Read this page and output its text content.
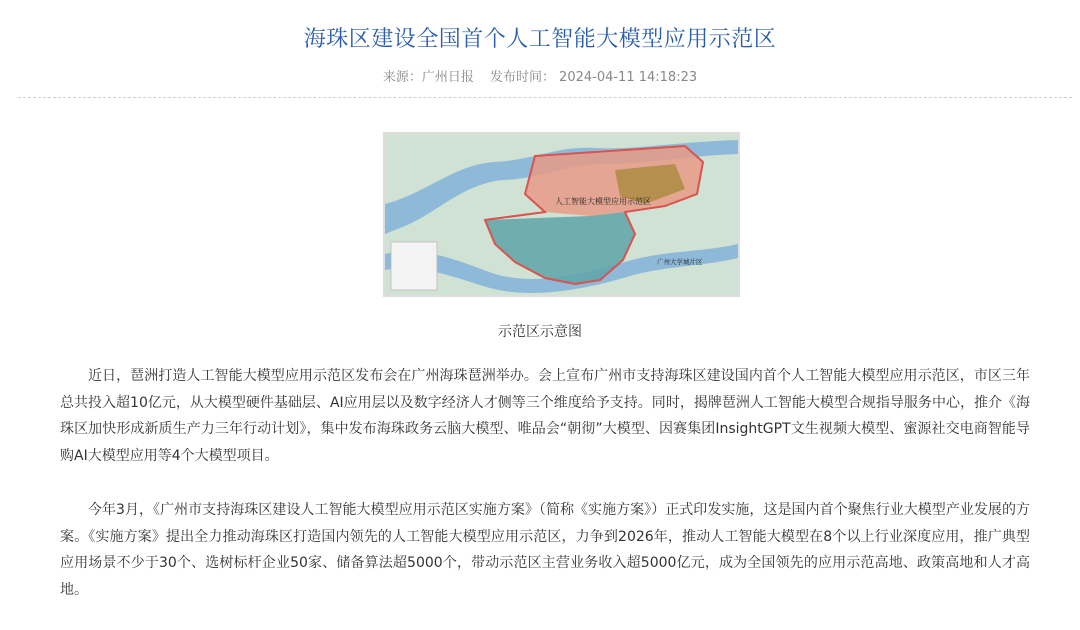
海珠区建设全国首个人工智能大模型应用示范区
来源：广州日报 发布时间： 2024-04-11 14:18:23
人工智能大模型应用示范区
广州大学城片区
示范区示意图

近日，琶洲打造人工智能大模型应用示范区发布会在广州海珠琶洲举办。会上宣布广州市支持海珠区建设国内首个人工智能大模型应用示范区，市区三年总共投入超10亿元，从大模型硬件基础层、AI应用层以及数字经济人才侧等三个维度给予支持。同时，揭牌琶洲人工智能大模型合规指导服务中心，推介《海珠区加快形成新质生产力三年行动计划》，集中发布海珠政务云脑大模型、唯品会“朝彻”大模型、因赛集团InsightGPT文生视频大模型、蜜源社交电商智能导购AI大模型应用等4个大模型项目。

今年3月，《广州市支持海珠区建设人工智能大模型应用示范区实施方案》（简称《实施方案》）正式印发实施，这是国内首个聚焦行业大模型产业发展的方案。《实施方案》提出全力推动海珠区打造国内领先的人工智能大模型应用示范区，力争到2026年，推动人工智能大模型在8个以上行业深度应用，推广典型应用场景不少于30个、选树标杆企业50家、储备算法超5000个，带动示范区主营业务收入超5000亿元，成为全国领先的应用示范高地、政策高地和人才高地。
